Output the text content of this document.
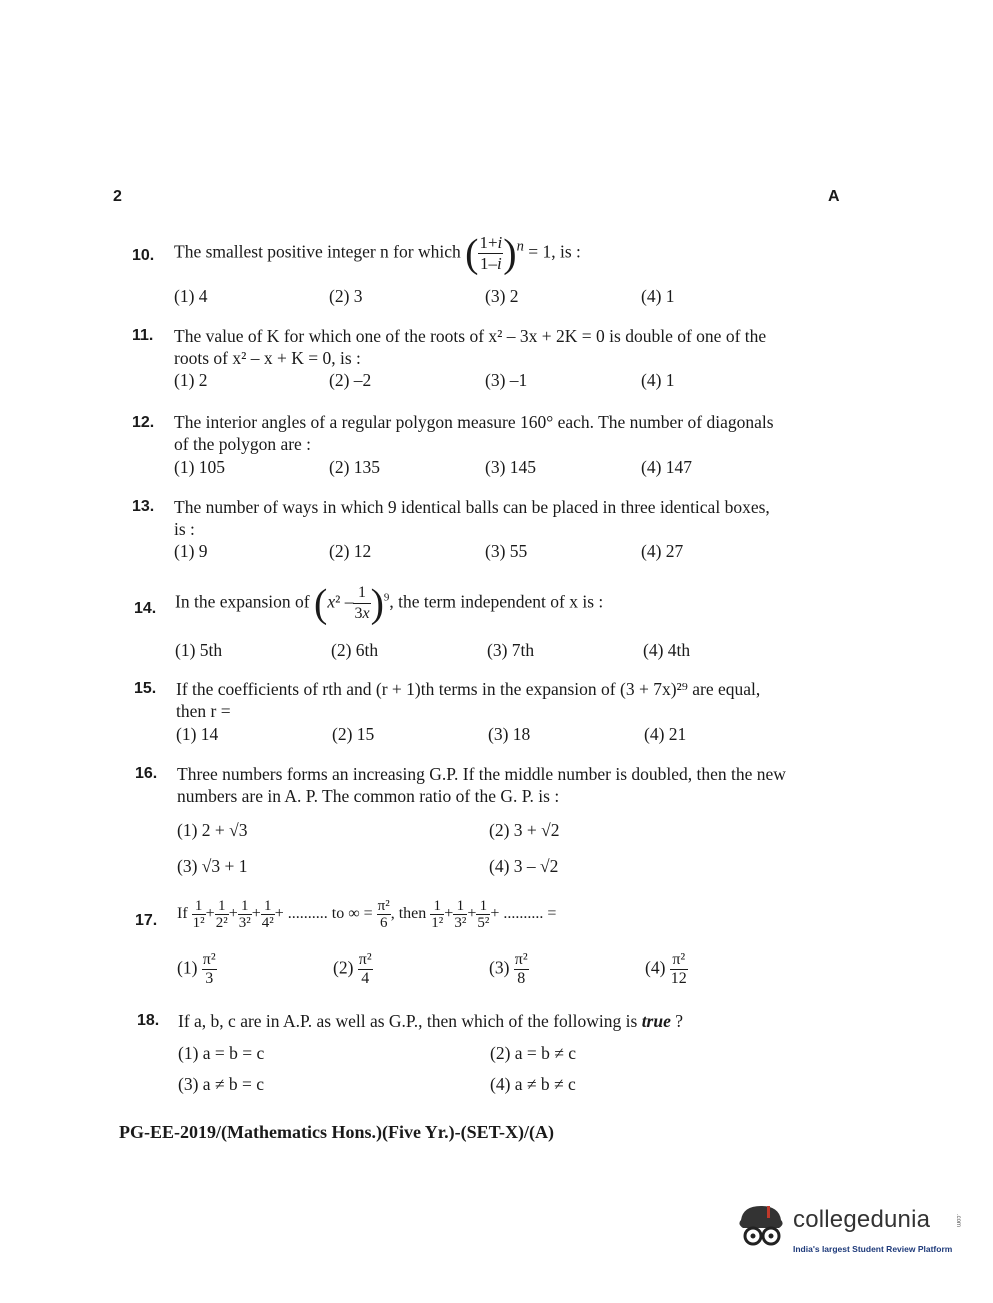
2	A
10. The smallest positive integer n for which ( $\frac{1+i}{1-i} )^n = 1$, is :
(1) 4	(2) 3	(3) 2	(4) 1
11. The value of K for which one of the roots of x² – 3x + 2K = 0 is double of one of the
roots of x² – x + K = 0, is :
(1) 2	(2) –2	(3) –1	(4) 1
12. The interior angles of a regular polygon measure 160° each. The number of diagonals
of the polygon are :
(1) 105	(2) 135	(3) 145	(4) 147
13. The number of ways in which 9 identical balls can be placed in three identical boxes,
is :
(1) 9	(2) 12	(3) 55	(4) 27
14. In the expansion of $(x^2 - \frac{1}{3x} )^9$, the term independent of x is :
(1) 5th	(2) 6th	(3) 7th	(4) 4th
15. If the coefficients of rth and (r + 1)th terms in the expansion of (3 + 7x)²⁹ are equal,
then r =
(1) 14	(2) 15	(3) 18	(4) 21
16. Three numbers forms an increasing G.P. If the middle number is doubled, then the new
numbers are in A. P. The common ratio of the G. P. is :
(1) 2 + √3	(2) 3 + √2
(3) √3 + 1	(4) 3 – √2
17. If $\frac{1}{\text{1²}} + \frac{1}{\text{2²}} + \frac{1}{\text{3²}} + \frac{1}{\text{4²}}$ + .......... to ∞ = $\frac{\text{π²}}{6}$ , then $\frac{1}{\text{1²}} + \frac{1}{\text{3²}} + \frac{1}{\text{5²}}$ + .......... =
$(1) \frac{\text{π²}}{3}$	$(2) \frac{\text{π²}}{4}$	$(3) \frac{\text{π²}}{8}$	$(4) \frac{\text{π²}}{12}$
18. If a, b, c are in A.P. as well as G.P., then which of the following is true ?
(1) a = b = c	(2) a = b ≠ c
(3) a ≠ b = c	(4) a ≠ b ≠ c
PG-EE-2019/(Mathematics Hons.)(Five Yr.)-(SET-X)/(A)
collegedunia	.com
India's largest Student Review Platform
